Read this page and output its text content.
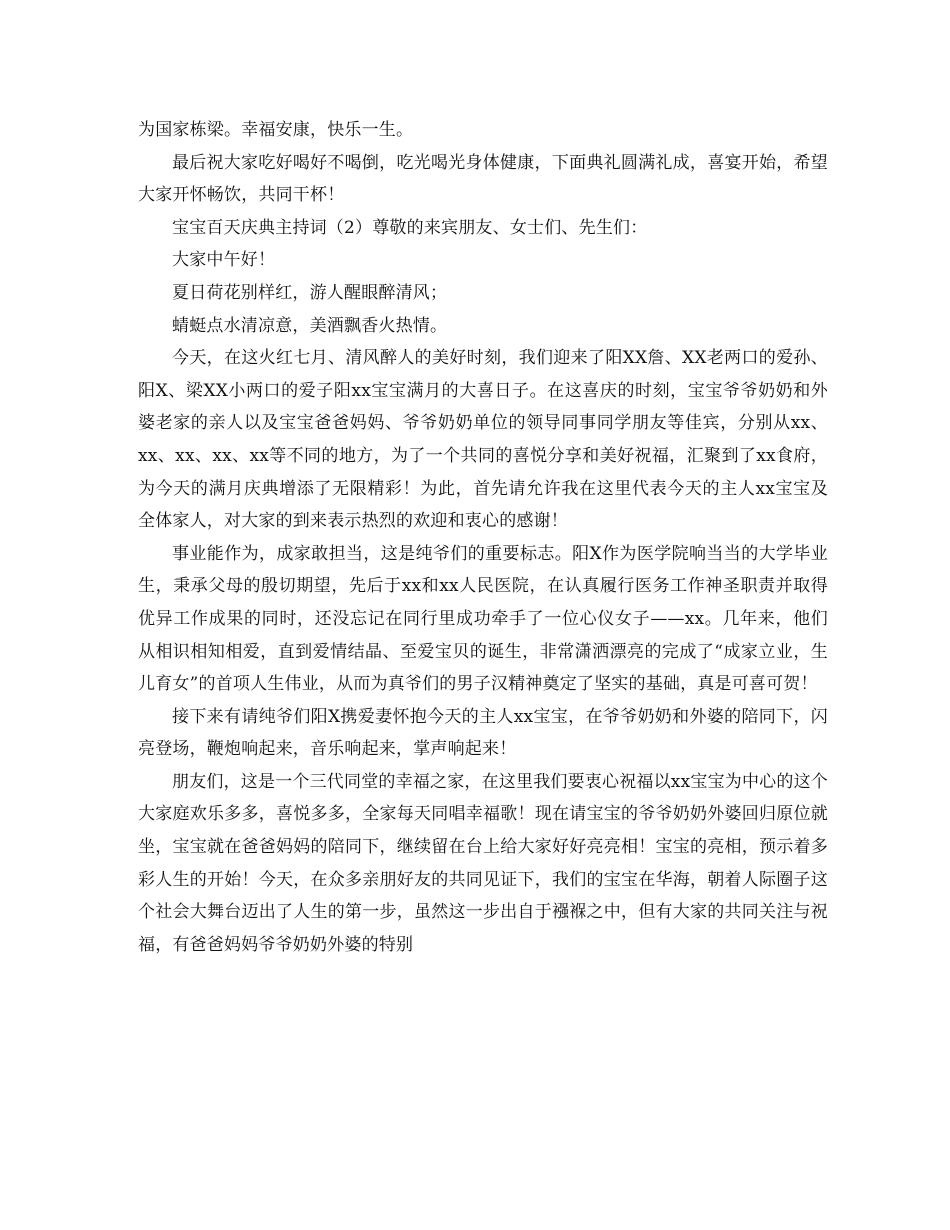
为国家栋梁。幸福安康，快乐一生。

最后祝大家吃好喝好不喝倒，吃光喝光身体健康，下面典礼圆满礼成，喜宴开始，希望大家开怀畅饮，共同干杯！

宝宝百天庆典主持词（2）尊敬的来宾朋友、女士们、先生们：

大家中午好！

夏日荷花别样红，游人醒眼醉清风；

蜻蜓点水清凉意，美酒飘香火热情。

今天，在这火红七月、清风醉人的美好时刻，我们迎来了阳XX詹、XX老两口的爱孙、阳X、梁XX小两口的爱子阳xx宝宝满月的大喜日子。在这喜庆的时刻，宝宝爷爷奶奶和外婆老家的亲人以及宝宝爸爸妈妈、爷爷奶奶单位的领导同事同学朋友等佳宾，分别从xx、xx、xx、xx、xx等不同的地方，为了一个共同的喜悦分享和美好祝福，汇聚到了xx食府，为今天的满月庆典增添了无限精彩！为此，首先请允许我在这里代表今天的主人xx宝宝及全体家人，对大家的到来表示热烈的欢迎和衷心的感谢！

事业能作为，成家敢担当，这是纯爷们的重要标志。阳X作为医学院响当当的大学毕业生，秉承父母的殷切期望，先后于xx和xx人民医院，在认真履行医务工作神圣职责并取得优异工作成果的同时，还没忘记在同行里成功牵手了一位心仪女子——xx。几年来，他们从相识相知相爱，直到爱情结晶、至爱宝贝的诞生，非常潇洒漂亮的完成了“成家立业，生儿育女”的首项人生伟业，从而为真爷们的男子汉精神奠定了坚实的基础，真是可喜可贺！

接下来有请纯爷们阳X携爱妻怀抱今天的主人xx宝宝，在爷爷奶奶和外婆的陪同下，闪亮登场，鞭炮响起来，音乐响起来，掌声响起来！

朋友们，这是一个三代同堂的幸福之家，在这里我们要衷心祝福以xx宝宝为中心的这个大家庭欢乐多多，喜悦多多，全家每天同唱幸福歌！现在请宝宝的爷爷奶奶外婆回归原位就坐，宝宝就在爸爸妈妈的陪同下，继续留在台上给大家好好亮亮相！宝宝的亮相，预示着多彩人生的开始！今天，在众多亲朋好友的共同见证下，我们的宝宝在华海，朝着人际圈子这个社会大舞台迈出了人生的第一步，虽然这一步出自于襁褓之中，但有大家的共同关注与祝福，有爸爸妈妈爷爷奶奶外婆的特别
